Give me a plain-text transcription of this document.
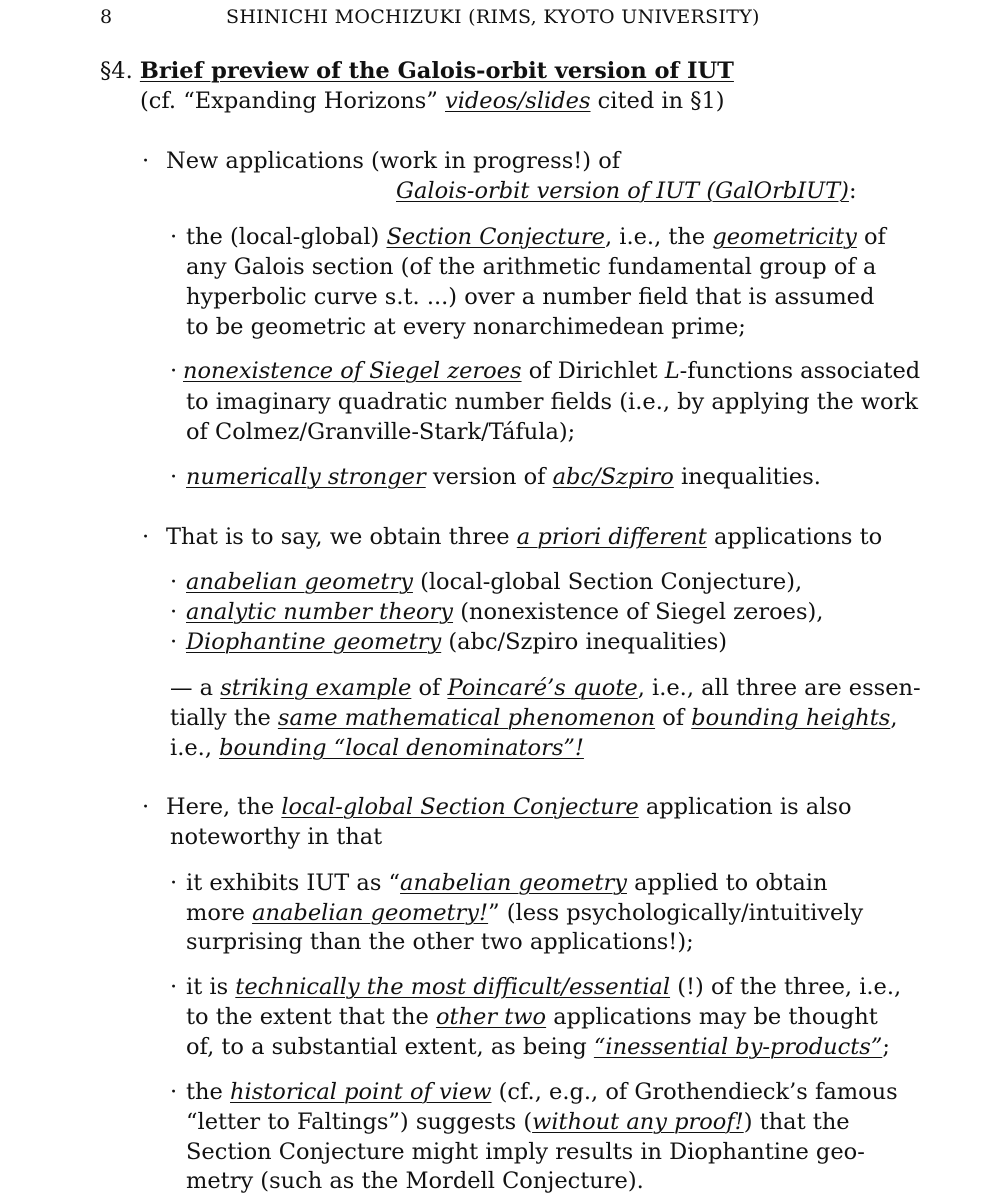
8	SHINICHI MOCHIZUKI (RIMS, KYOTO UNIVERSITY)
§4. Brief preview of the Galois-orbit version of IUT
(cf. “Expanding Horizons” videos/slides cited in §1)
· New applications (work in progress!) of
Galois-orbit version of IUT (GalOrbIUT):
· the (local-global) Section Conjecture, i.e., the geometricity of
any Galois section (of the arithmetic fundamental group of a
hyperbolic curve s.t. ...) over a number field that is assumed
to be geometric at every nonarchimedean prime;
· nonexistence of Siegel zeroes of Dirichlet L-functions associated
to imaginary quadratic number fields (i.e., by applying the work
of Colmez/Granville-Stark/Táfula);
· numerically stronger version of abc/Szpiro inequalities.
· That is to say, we obtain three a priori different applications to
· anabelian geometry (local-global Section Conjecture),
· analytic number theory (nonexistence of Siegel zeroes),
· Diophantine geometry (abc/Szpiro inequalities)
— a striking example of Poincaré’s quote, i.e., all three are essen-
tially the same mathematical phenomenon of bounding heights,
i.e., bounding “local denominators”!
· Here, the local-global Section Conjecture application is also
noteworthy in that
· it exhibits IUT as “anabelian geometry applied to obtain
more anabelian geometry!” (less psychologically/intuitively
surprising than the other two applications!);
· it is technically the most difficult/essential (!) of the three, i.e.,
to the extent that the other two applications may be thought
of, to a substantial extent, as being “inessential by-products”;
· the historical point of view (cf., e.g., of Grothendieck’s famous
“letter to Faltings”) suggests (without any proof!) that the
Section Conjecture might imply results in Diophantine geo-
metry (such as the Mordell Conjecture).
